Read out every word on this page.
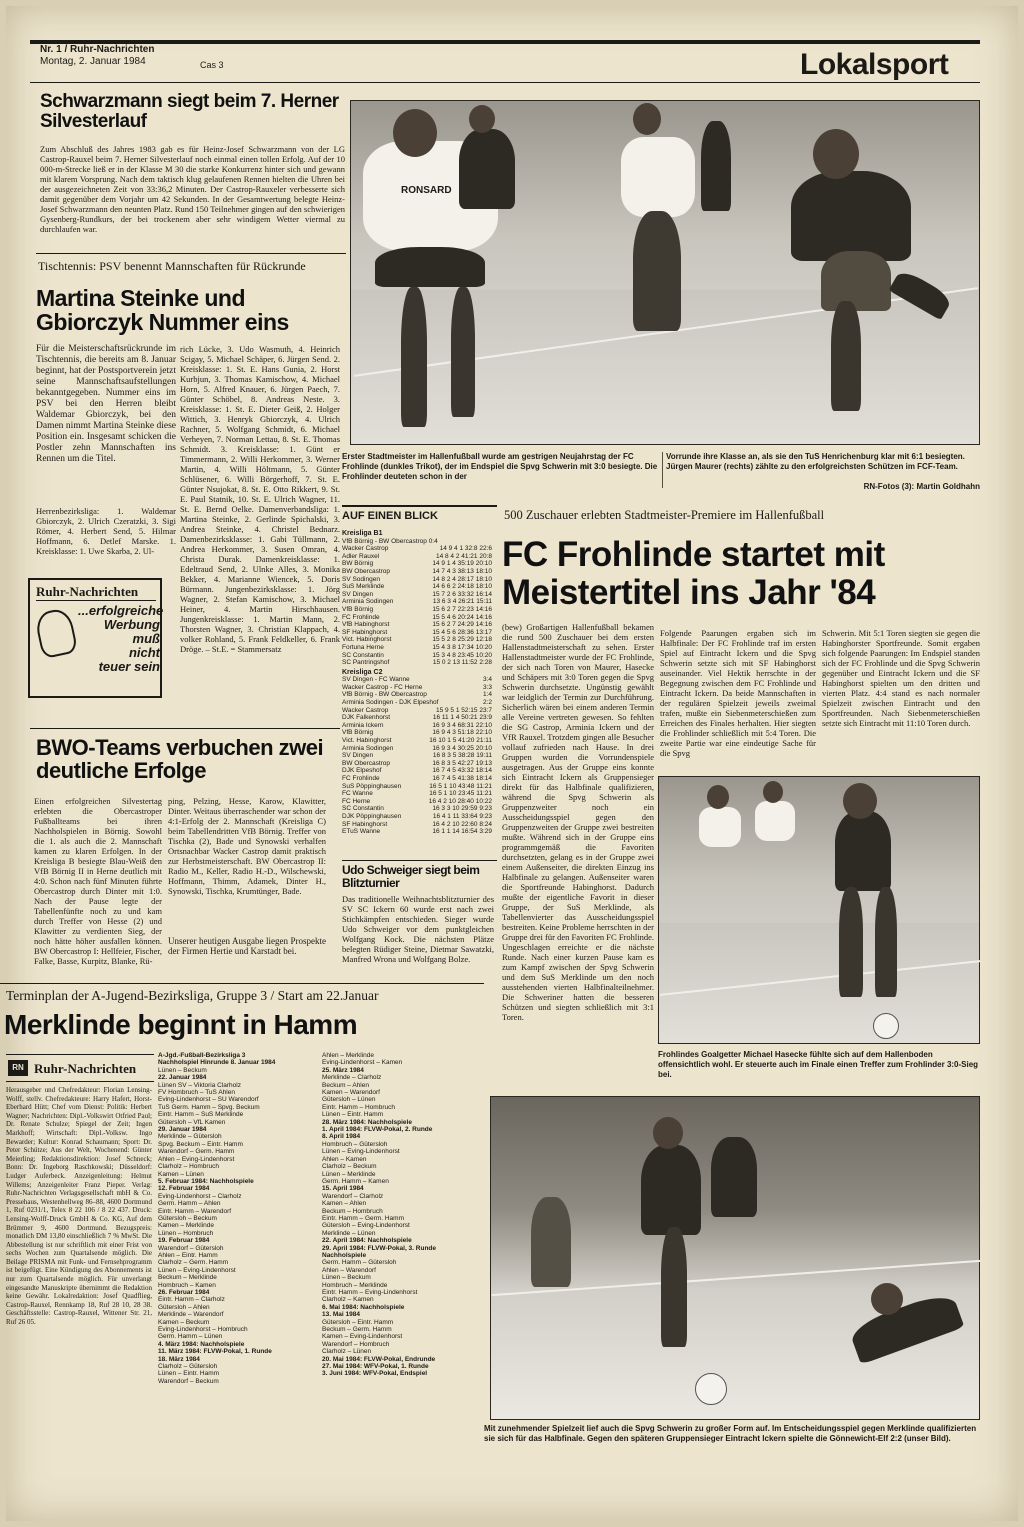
Nr. 1 / Ruhr-Nachrichten
Montag, 2. Januar 1984	Cas 3	Lokalsport
Schwarzmann siegt beim 7. Herner Silvesterlauf
Zum Abschluß des Jahres 1983 gab es für Heinz-Josef Schwarzmann von der LG Castrop-Rauxel beim 7. Herner Silvesterlauf noch einmal einen tollen Erfolg. Auf der 10 000-m-Strecke ließ er in der Klasse M 30 die starke Konkurrenz hinter sich und gewann mit klarem Vorsprung. Nach dem taktisch klug gelaufenen Rennen hielten die Uhren bei der ausgezeichneten Zeit von 33:36,2 Minuten. Der Castrop-Rauxeler verbesserte sich damit gegenüber dem Vorjahr um 42 Sekunden. In der Gesamtwertung belegte Heinz-Josef Schwarzmann den neunten Platz. Rund 150 Teilnehmer gingen auf den schwierigen Gysenberg-Rundkurs, der bei trockenem aber sehr windigem Wetter viermal zu durchlaufen war.
Tischtennis: PSV benennt Mannschaften für Rückrunde
Martina Steinke und Gbiorczyk Nummer eins
Für die Meisterschaftsrückrunde im Tischtennis, die bereits am 8. Januar beginnt, hat der Postsportverein jetzt seine Mannschaftsaufstellungen bekanntgegeben. Nummer eins im PSV bei den Herren bleibt Waldemar Gbiorczyk, bei den Damen nimmt Martina Steinke diese Position ein. Insgesamt schicken die Postler zehn Mannschaften ins Rennen um die Titel.
Herrenbezirksliga: 1. Waldemar Gbiorczyk, 2. Ulrich Czeratzki, 3. Sigi Römer, 4. Herbert Send, 5. Hilmar Hoffmann, 6. Detlef Marske. 1. Kreisklasse: 1. Uwe Skarba, 2. Ul-
rich Lücke, 3. Udo Wasmuth, 4. Heinrich Scigay, 5. Michael Schäper, 6. Jürgen Send. 2. Kreisklasse: 1. St. E. Hans Gunia, 2. Horst Kurbjun, 3. Thomas Kamischow, 4. Michael Horn, 5. Alfred Knauer, 6. Jürgen Paech, 7. Günter Schöbel, 8. Andreas Neste. 3. Kreisklasse: 1. St. E. Dieter Geiß, 2. Holger Wittich, 3. Henryk Gbiorczyk, 4. Ulrich Rachner, 5. Wolfgang Schmidt, 6. Michael Verheyen, 7. Norman Lettau, 8. St. E. Thomas Schmidt. 3. Kreisklasse: 1. Günt er Timmermann, 2. Willi Herkommer, 3. Werner Martin, 4. Willi Höltmann, 5. Günter Schlüsener, 6. Willi Börgerhoff, 7. St. E. Günter Nsujokat, 8. St. E. Otto Rikkert, 9. St. E. Paul Statnik, 10. St. E. Ulrich Wagner, 11. St. E. Bernd Oelke. Damenverbandsliga: 1. Martina Steinke, 2. Gerlinde Spichalski, 3. Andrea Steinke, 4. Christel Bednarz. Damenbezirksklasse: 1. Gabi Tüllmann, 2. Andrea Herkommer, 3. Susen Omran, 4. Christa Durak. Damenkreisklasse: 1. Edeltraud Send, 2. Ulnke Alles, 3. Monika Bekker, 4. Marianne Wiencek, 5. Doris Bürmann. Jungenbezirksklasse: 1. Jörg Wagner, 2. Stefan Kamischow, 3. Michael Heiner, 4. Martin Hirschhausen. Jungenkreisklasse: 1. Martin Mann, 2. Thorsten Wagner, 3. Christian Klappach, 4. volker Rohland, 5. Frank Feldkeller, 6. Frank Dröge. – St.E. = Stammersatz
Ruhr-Nachrichten
...erfolgreiche
Werbung
muß
nicht
teuer sein
BWO-Teams verbuchen zwei deutliche Erfolge
Einen erfolgreichen Silvestertag erlebten die Obercastroper Fußballteams bei ihren Nachholspielen in Börnig. Sowohl die 1. als auch die 2. Mannschaft kamen zu klaren Erfolgen. In der Kreisliga B besiegte Blau-Weiß den VfB Börnig II in Herne deutlich mit 4:0. Schon nach fünf Minuten führte Obercastrop durch Dinter mit 1:0. Nach der Pause legte der Tabellenfünfte noch zu und kam durch Treffer von Hesse (2) und Klawitter zu verdienten Sieg, der noch hätte höher ausfallen können. BW Obercastrop I: Hellfeier, Fischer, Falke, Basse, Kurpitz, Blanke, Rü-
ping, Pelzing, Hesse, Karow, Klawitter, Dinter. Weitaus überraschender war schon der 4:1-Erfolg der 2. Mannschaft (Kreisliga C) beim Tabellendritten VfB Börnig. Treffer von Tischka (2), Bade und Synowski verhalfen Ortsnachbar Wacker Castrop damit praktisch zur Herbstmeisterschaft. BW Obercastrop II: Radio M., Keller, Radio H.-D., Wilschewski, Hoffmann, Thimm, Adamek, Dinter H., Synowski, Tischka, Krumtünger, Bade.
Unserer heutigen Ausgabe liegen Prospekte der Firmen Hertie und Karstadt bei.
RONSARD
Erster Stadtmeister im Hallenfußball wurde am gestrigen Neujahrstag der FC Frohlinde (dunkles Trikot), der im Endspiel die Spvg Schwerin mit 3:0 besiegte. Die Frohlinder deuteten schon in der
Vorrunde ihre Klasse an, als sie den TuS Henrichenburg klar mit 6:1 besiegten. Jürgen Maurer (rechts) zählte zu den erfolgreichsten Schützen im FCF-Team.
RN-Fotos (3): Martin Goldhahn
AUF EINEN BLICK
Kreisliga B1
VfB Börnig - BW Obercastrop 0:4
Wacker Castrop	14 9 4 1 32:8 22:6
Adler Rauxel	14 8 4 2 41:21 20:8
BW Börnig	14 9 1 4 35:19 20:10
BW Obercastrop	14 7 4 3 38:13 18:10
SV Sodingen	14 8 2 4 28:17 18:10
SuS Merklinde	14 6 6 2 24:18 18:10
SV Dingen	15 7 2 6 33:32 16:14
Arminia Sodingen	13 6 3 4 26:21 15:11
VfB Börnig	15 6 2 7 22:23 14:16
FC Frohlinde	15 5 4 6 20:24 14:16
VfB Habinghorst	15 6 2 7 24:29 14:16
SF Habinghorst	15 4 5 6 28:36 13:17
Vict. Habinghorst	15 5 2 8 25:29 12:18
Fortuna Herne	15 4 3 8 17:34 10:20
SC Constantin	15 3 4 8 23:45 10:20
SC Pantringshof	15 0 2 13 11:52 2:28
Kreisliga C2
SV Dingen - FC Wanne	3:4
Wacker Castrop - FC Herne	3:3
VfB Börnig - BW Obercastrop	1:4
Arminia Sodingen - DJK Elpeshof	2:2
Wacker Castrop	15 9 5 1 52:15 23:7
DJK Falkenhorst	16 11 1 4 50:21 23:9
Arminia Ickern	16 9 3 4 68:31 22:10
VfB Börnig	16 9 4 3 51:18 22:10
Vict. Habinghorst	16 10 1 5 41:20 21:11
Arminia Sodingen	16 9 3 4 30:25 20:10
SV Dingen	16 8 3 5 38:28 19:11
BW Obercastrop	16 8 3 5 42:27 19:13
DJK Elpeshof	16 7 4 5 43:32 18:14
FC Frohlinde	16 7 4 5 41:38 18:14
SuS Pöppinghausen	16 5 1 10 43:48 11:21
FC Wanne	16 5 1 10 23:45 11:21
FC Herne	16 4 2 10 28:40 10:22
SC Constantin	16 3 3 10 29:59 9:23
DJK Pöppinghausen	16 4 1 11 33:64 9:23
SF Habinghorst	16 4 2 10 22:60 8:24
ETuS Wanne	16 1 1 14 16:54 3:29
Udo Schweiger siegt beim Blitzturnier
Das traditionelle Weihnachtsblitzturnier des SV SC Ickern 60 wurde erst nach zwei Stichkämpfen entschieden. Sieger wurde Udo Schweiger vor dem punktgleichen Wolfgang Kock. Die nächsten Plätze belegten Rüdiger Steine, Dietmar Sawatzki, Manfred Wrona und Wolfgang Bolze.
500 Zuschauer erlebten Stadtmeister-Premiere im Hallenfußball
FC Frohlinde startet mit Meistertitel ins Jahr '84
(bew) Großartigen Hallenfußball bekamen die rund 500 Zuschauer bei dem ersten Hallenstadtmeisterschaft zu sehen. Erster Hallenstadtmeister wurde der FC Frohlinde, der sich nach Toren von Maurer, Hasecke und Schäpers mit 3:0 Toren gegen die Spvg Schwerin durchsetzte. Ungünstig gewählt war leidglich der Termin zur Durchführung. Sicherlich wären bei einem anderen Termin alle Vereine vertreten gewesen. So fehlten die SG Castrop, Arminia Ickern und der VfR Rauxel. Trotzdem gingen alle Besucher vollauf zufrieden nach Hause. In drei Gruppen wurden die Vorrundenspiele ausgetragen. Aus der Gruppe eins konnte sich Eintracht Ickern als Gruppensieger direkt für das Halbfinale qualifizieren, während die Spvg Schwerin als Gruppenzweiter noch ein Ausscheidungsspiel gegen den Gruppenzweiten der Gruppe zwei bestreiten mußte. Während sich in der Gruppe eins programmgemäß die Favoriten durchsetzten, gelang es in der Gruppe zwei einem Außenseiter, die direkten Einzug ins Halbfinale zu gelangen. Außenseiter waren die Sportfreunde Habinghorst. Dadurch mußte der eigentliche Favorit in dieser Gruppe, der SuS Merklinde, als Tabellenvierter das Ausscheidungsspiel bestreiten. Keine Probleme herrschten in der Gruppe drei für den Favoriten FC Frohlinde. Ungeschlagen erreichte er die nächste Runde. Nach einer kurzen Pause kam es zum Kampf zwischen der Spvg Schwerin und dem SuS Merklinde um den noch ausstehenden vierten Halbfinalteilnehmer. Die Schweriner hatten die besseren Schützen und siegten schließlich mit 3:1 Toren.
Folgende Paarungen ergaben sich im Halbfinale: Der FC Frohlinde traf im ersten Spiel auf Eintracht Ickern und die Spvg Schwerin setzte sich mit SF Habinghorst auseinander. Viel Hektik herrschte in der Begegnung zwischen dem FC Frohlinde und Eintracht Ickern. Da beide Mannschaften in der regulären Spielzeit jeweils zweimal trafen, mußte ein Siebenmeterschießen zum Erreichen des Finales herhalten. Hier siegten die Frohlinder schließlich mit 5:4 Toren. Die zweite Partie war eine eindeutige Sache für die Spvg
Schwerin. Mit 5:1 Toren siegten sie gegen die Habinghorster Sportfreunde. Somit ergaben sich folgende Paarungen: Im Endspiel standen sich der FC Frohlinde und die Spvg Schwerin gegenüber und Eintracht Ickern und die SF Habinghorst spielten um den dritten und vierten Platz. 4:4 stand es nach normaler Spielzeit zwischen Eintracht und den Sportfreunden. Nach Siebenmeterschießen setzte sich Eintracht mit 11:10 Toren durch.
Frohlindes Goalgetter Michael Hasecke fühlte sich auf dem Hallenboden offensichtlich wohl. Er steuerte auch im Finale einen Treffer zum Frohlinder 3:0-Sieg bei.
Mit zunehmender Spielzeit lief auch die Spvg Schwerin zu großer Form auf. Im Entscheidungsspiel gegen Merklinde qualifizierten sie sich für das Halbfinale. Gegen den späteren Gruppensieger Eintracht Ickern spielte die Gönnewicht-Elf 2:2 (unser Bild).
Terminplan der A-Jugend-Bezirksliga, Gruppe 3 / Start am 22.Januar
Merklinde beginnt in Hamm
RN Ruhr-Nachrichten
Herausgeber und Chefredakteur: Florian Lensing-Wolff, stellv. Chefredakteure: Harry Hafert, Horst-Eberhard Hütt; Chef vom Dienst: Politik: Herbert Wagner; Nachrichten: Dipl.-Volkswirt Otfried Paul; Dr. Renate Schulze; Spiegel der Zeit; Ingen Markhoff; Wirtschaft: Dipl.-Volksw. Ingo Bewarder; Kultur: Konrad Schaumann; Sport: Dr. Peter Schütze; Aus der Welt, Wochenend: Günter Meierling; Redaktionsdirektion: Josef Schneck; Bonn: Dr. Ingeborg Raschkowski; Düsseldorf: Ludger Auferbeck. Anzeigenleitung: Helmut Willems; Anzeigenleiter Franz Pieper. Verlag: Ruhr-Nachrichten Verlagsgesellschaft mbH & Co. Pressehaus, Westenhellweg 86–88, 4600 Dortmund 1, Ruf 0231/1, Telex 8 22 106 / 8 22 437. Druck: Lensing-Wolff-Druck GmbH & Co. KG, Auf dem Brümmer 9, 4600 Dortmund. Bezugspreis: monatlich DM 13,80 einschließlich 7 % MwSt. Die Abbestellung ist nur schriftlich mit einer Frist von sechs Wochen zum Quartalsende möglich. Die Beilage PRISMA mit Funk- und Fernsehprogramm ist beigefügt. Eine Kündigung des Abonnements ist nur zum Quartalsende möglich. Für unverlangt eingesandte Manuskripte übernimmt die Redaktion keine Gewähr. Lokalredaktion: Josef Quadflieg, Castrop-Rauxel, Rennkamp 18, Ruf 28 10, 28 38. Geschäftsstelle: Castrop-Rauxel, Wittener Str. 21, Ruf 26 05.
A-Jgd.-Fußball-Bezirksliga 3
Nachholspiel Hinrunde 8. Januar 1984
Lünen – Beckum
22. Januar 1984
Lünen SV – Viktoria Clarholz
FV Hombruch – TuS Ahlen
Eving-Lindenhorst – SU Warendorf
TuS Germ. Hamm – Spvg. Beckum
Eintr. Hamm – SuS Merklinde
Gütersloh – VfL Kamen
29. Januar 1984
Merklinde – Gütersloh
Spvg. Beckum – Eintr. Hamm
Warendorf – Germ. Hamm
Ahlen – Eving-Lindenhorst
Clarholz – Hombruch
Kamen – Lünen
5. Februar 1984: Nachholspiele
12. Februar 1984
Eving-Lindenhorst – Clarholz
Germ. Hamm – Ahlen
Eintr. Hamm – Warendorf
Gütersloh – Beckum
Kamen – Merklinde
Lünen – Hombruch
19. Februar 1984
Warendorf – Gütersloh
Ahlen – Eintr. Hamm
Clarholz – Germ. Hamm
Lünen – Eving-Lindenhorst
Beckum – Merklinde
Hombruch – Kamen
26. Februar 1984
Eintr. Hamm – Clarholz
Gütersloh – Ahlen
Merklinde – Warendorf
Kamen – Beckum
Eving-Lindenhorst – Hombruch
Germ. Hamm – Lünen
4. März 1984: Nachholspiele
11. März 1984: FLVW-Pokal, 1. Runde
18. März 1984
Clarholz – Gütersloh
Lünen – Eintr. Hamm
Warendorf – Beckum
Ahlen – Merklinde
Eving-Lindenhorst – Kamen
25. März 1984
Merklinde – Clarholz
Beckum – Ahlen
Kamen – Warendorf
Gütersloh – Lünen
Eintr. Hamm – Hombruch
Lünen – Eintr. Hamm
28. März 1984: Nachholspiele
1. April 1984: FLVW-Pokal, 2. Runde
8. April 1984
Hombruch – Gütersloh
Lünen – Eving-Lindenhorst
Ahlen – Kamen
Clarholz – Beckum
Lünen – Merklinde
Germ. Hamm – Kamen
15. April 1984
Warendorf – Clarholz
Kamen – Ahlen
Beckum – Hombruch
Eintr. Hamm – Germ. Hamm
Gütersloh – Eving-Lindenhorst
Merklinde – Lünen
22. April 1984: Nachholspiele
29. April 1984: FLVW-Pokal, 3. Runde
Nachholspiele
Germ. Hamm – Gütersloh
Ahlen – Warendorf
Lünen – Beckum
Hombruch – Merklinde
Eintr. Hamm – Eving-Lindenhorst
Clarholz – Kamen
6. Mai 1984: Nachholspiele
13. Mai 1984
Gütersloh – Eintr. Hamm
Beckum – Germ. Hamm
Kamen – Eving-Lindenhorst
Warendorf – Hombruch
Clarholz – Lünen
20. Mai 1984: FLVW-Pokal, Endrunde
27. Mai 1984: WFV-Pokal, 1. Runde
3. Juni 1984: WFV-Pokal, Endspiel
